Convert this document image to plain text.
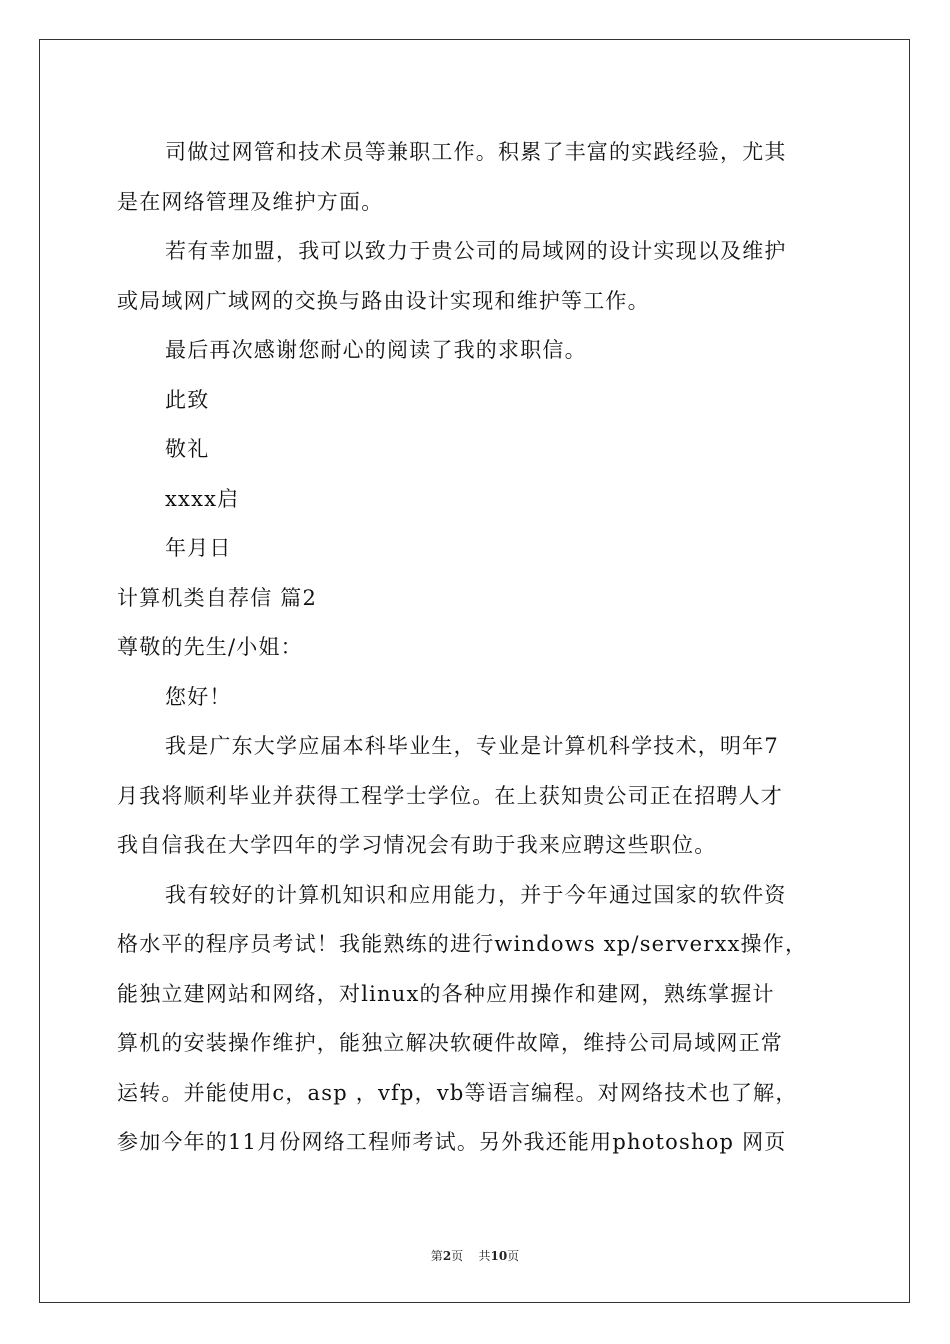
司做过网管和技术员等兼职工作。积累了丰富的实践经验，尤其
是在网络管理及维护方面。
若有幸加盟，我可以致力于贵公司的局域网的设计实现以及维护
或局域网广域网的交换与路由设计实现和维护等工作。
最后再次感谢您耐心的阅读了我的求职信。
此致
敬礼
xxxx启
年月日
计算机类自荐信 篇2
尊敬的先生/小姐：
您好！
我是广东大学应届本科毕业生，专业是计算机科学技术，明年7
月我将顺利毕业并获得工程学士学位。在上获知贵公司正在招聘人才
我自信我在大学四年的学习情况会有助于我来应聘这些职位。
我有较好的计算机知识和应用能力，并于今年通过国家的软件资
格水平的程序员考试！我能熟练的进行windows xp/serverxx操作，
能独立建网站和网络，对linux的各种应用操作和建网，熟练掌握计
算机的安装操作维护，能独立解决软硬件故障，维持公司局域网正常
运转。并能使用c，asp ，vfp，vb等语言编程。对网络技术也了解，
参加今年的11月份网络工程师考试。另外我还能用photoshop 网页
第2页 共10页
